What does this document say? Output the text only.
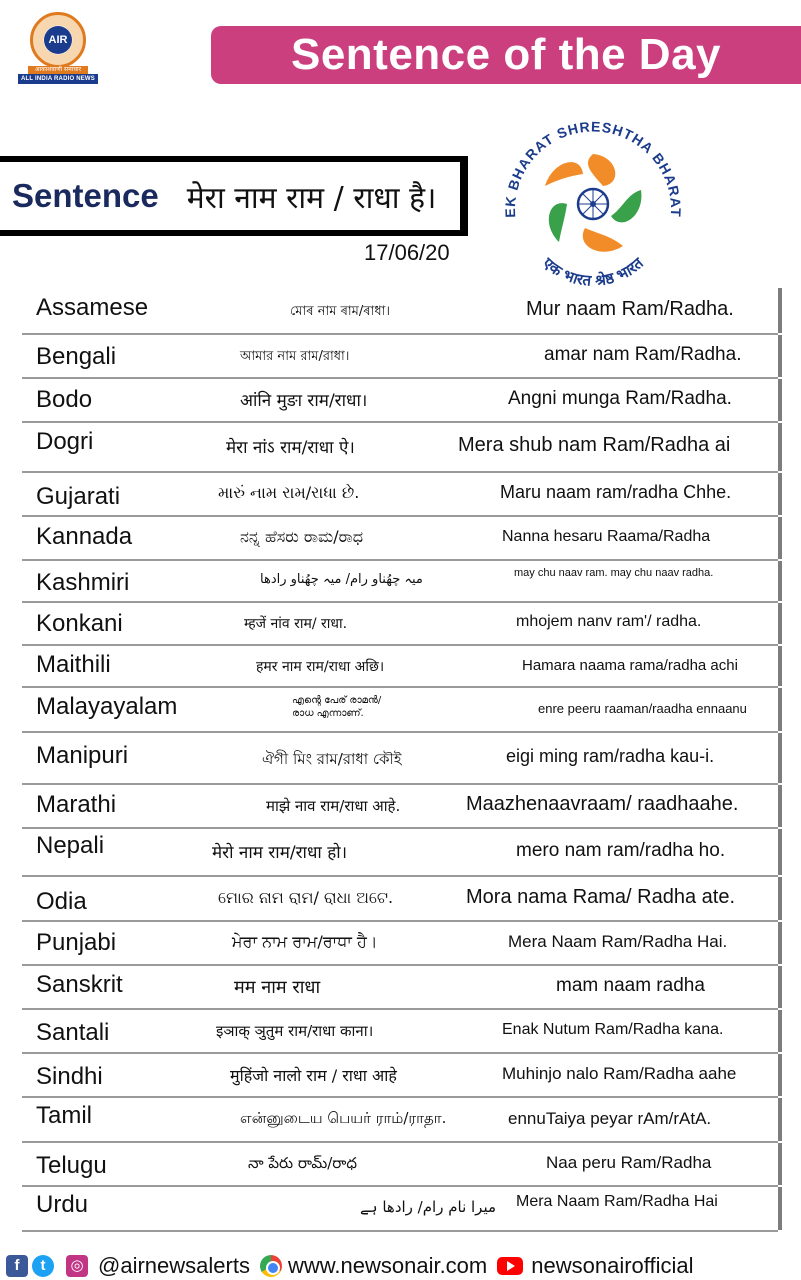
AIR
आकाशवाणी समाचार
ALL INDIA RADIO NEWS	Sentence of the Day
Sentence मेरा नाम राम / राधा है।
17/06/20
EK BHARAT SHRESHTHA BHARAT
एक भारत श्रेष्ठ भारत
Assamese	মোৰ নাম ৰাম/ৰাধা।	Mur naam Ram/Radha.
Bengali	আমার নাম রাম/রাধা।	amar nam Ram/Radha.
Bodo	आंनि मुङा राम/राधा।	Angni munga Ram/Radha.
Dogri	मेरा नांऽ राम/राधा ऐ।	Mera shub nam Ram/Radha ai
Gujarati	મારું નામ રામ/રાધા છે.	Maru naam ram/radha Chhe.
Kannada	ನನ್ನ ಹೆಸರು ರಾಮ/ರಾಧ	Nanna hesaru Raama/Radha
Kashmiri	میہ چھُناو رام/ میہ چھُناو رادھا	may chu naav ram. may chu naav radha.
Konkani	म्हजें नांव राम/ राधा.	mhojem nanv ram'/ radha.
Maithili	हमर नाम राम/राधा अछि।	Hamara naama rama/radha achi
Malayayalam	എന്റെ പേര് രാമൻ/ രാധ എന്നാണ്.	enre peeru raaman/raadha ennaanu
Manipuri	ঐগী মিং রাম/রাধা কৌই	eigi ming ram/radha kau-i.
Marathi	माझे नाव राम/राधा आहे.	Maazhenaavraam/ raadhaahe.
Nepali	मेरो नाम राम/राधा हो।	mero nam ram/radha ho.
Odia	ମୋର ନାମ ରାମ/ ରାଧା ଅଟେ.	Mora nama Rama/ Radha ate.
Punjabi	ਮੇਰਾ ਨਾਮ ਰਾਮ/ਰਾਧਾ ਹੈ।	Mera Naam Ram/Radha Hai.
Sanskrit	मम नाम राधा	mam naam radha
Santali	इञाक् ञुतुम राम/राधा काना।	Enak Nutum Ram/Radha kana.
Sindhi	मुहिंजो नालो राम / राधा आहे	Muhinjo nalo Ram/Radha aahe
Tamil	என்னுடைய பெயர் ராம்/ராதா.	ennuTaiya peyar rAm/rAtA.
Telugu	నా పేరు రామ్/రాధ	Naa peru Ram/Radha
Urdu	میرا نام رام/ رادھا ہے Mera Naam Ram/Radha Hai
f	t	◎ @airnewsalerts www.newsonair.com newsonairofficial
